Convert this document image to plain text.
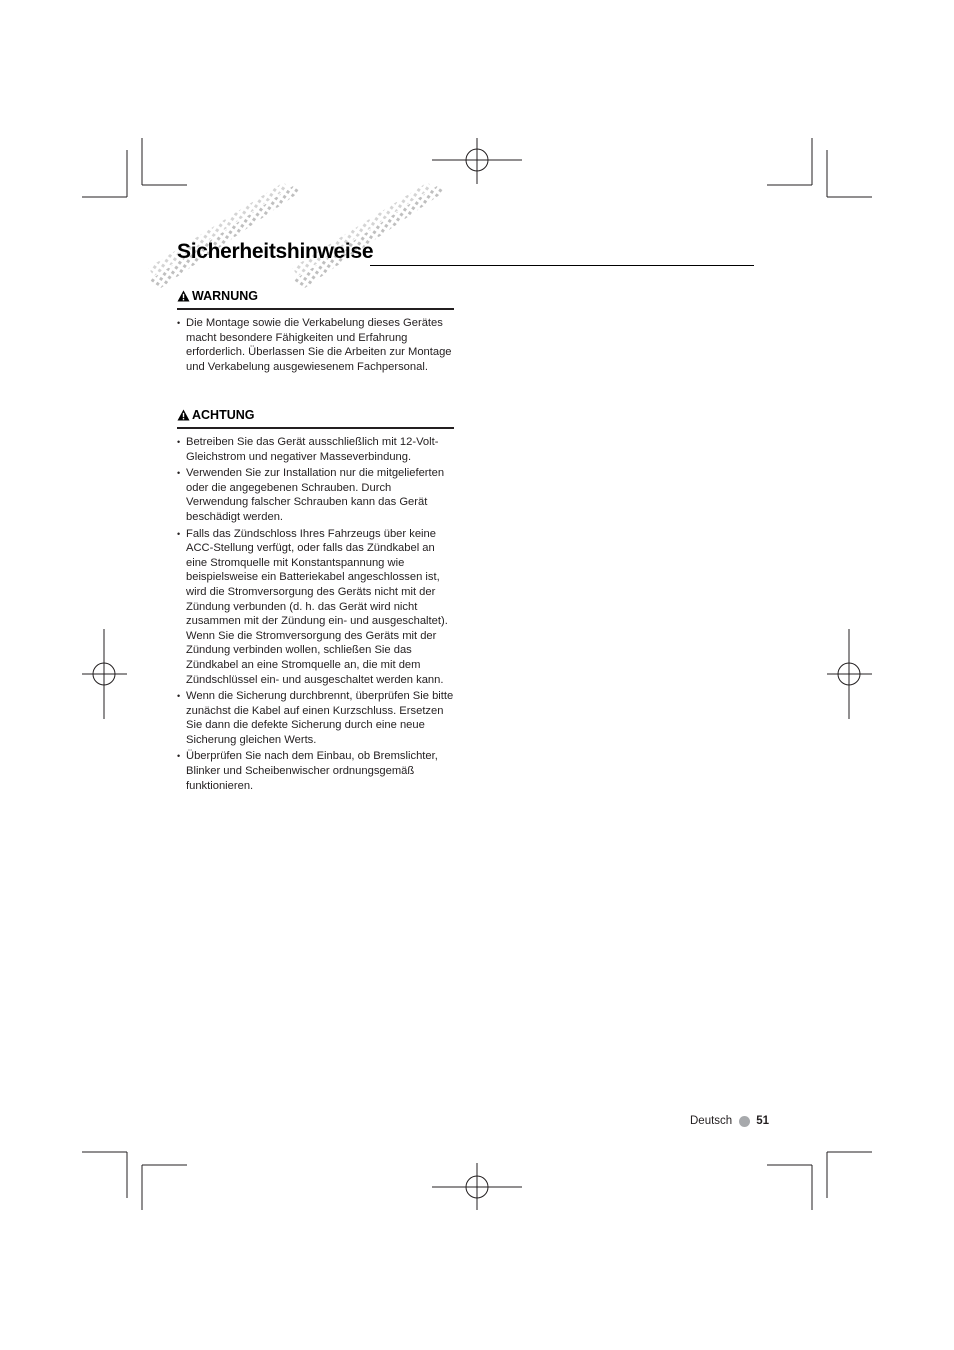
Sicherheitshinweise
WARNUNG
• Die Montage sowie die Verkabelung dieses Gerätes macht besondere Fähigkeiten und Erfahrung erforderlich. Überlassen Sie die Arbeiten zur Montage und Verkabelung ausgewiesenem Fachpersonal.
ACHTUNG
• Betreiben Sie das Gerät ausschließlich mit 12-Volt-Gleichstrom und negativer Masseverbindung.
• Verwenden Sie zur Installation nur die mitgelieferten oder die angegebenen Schrauben. Durch Verwendung falscher Schrauben kann das Gerät beschädigt werden.
• Falls das Zündschloss Ihres Fahrzeugs über keine ACC-Stellung verfügt, oder falls das Zündkabel an eine Stromquelle mit Konstantspannung wie beispielsweise ein Batteriekabel angeschlossen ist, wird die Stromversorgung des Geräts nicht mit der Zündung verbunden (d. h. das Gerät wird nicht zusammen mit der Zündung ein- und ausgeschaltet). Wenn Sie die Stromversorgung des Geräts mit der Zündung verbinden wollen, schließen Sie das Zündkabel an eine Stromquelle an, die mit dem Zündschlüssel ein- und ausgeschaltet werden kann.
• Wenn die Sicherung durchbrennt, überprüfen Sie bitte zunächst die Kabel auf einen Kurzschluss. Ersetzen Sie dann die defekte Sicherung durch eine neue Sicherung gleichen Werts.
• Überprüfen Sie nach dem Einbau, ob Bremslichter, Blinker und Scheibenwischer ordnungsgemäß funktionieren.
Deutsch 51
